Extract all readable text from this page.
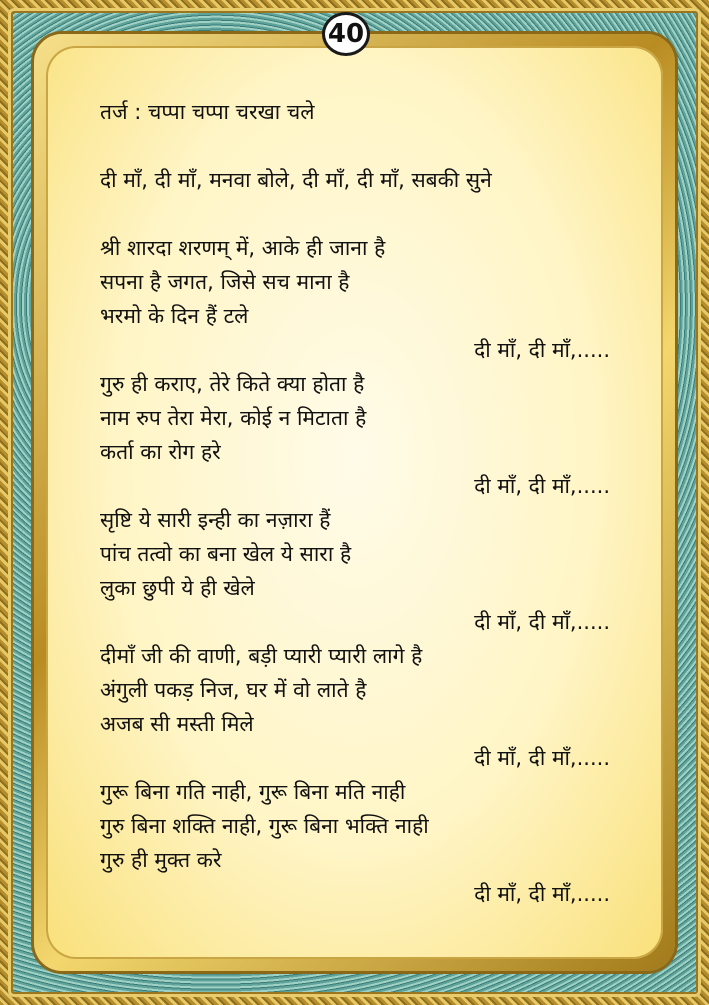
40
तर्ज : चप्पा चप्पा चरखा चले
दी माँ, दी माँ, मनवा बोले, दी माँ, दी माँ, सबकी सुने
श्री शारदा शरणम् में, आके ही जाना है
सपना है जगत, जिसे सच माना है
भरमो के दिन हैं टले
दी माँ, दी माँ,.....
गुरु ही कराए, तेरे किते क्या होता है
नाम रुप तेरा मेरा, कोई न मिटाता है
कर्ता का रोग हरे
दी माँ, दी माँ,.....
सृष्टि ये सारी इन्ही का नज़ारा हैं
पांच तत्वो का बना खेल ये सारा है
लुका छुपी ये ही खेले
दी माँ, दी माँ,.....
दीमाँ जी की वाणी, बड़ी प्यारी प्यारी लागे है
अंगुली पकड़ निज, घर में वो लाते है
अजब सी मस्ती मिले
दी माँ, दी माँ,.....
गुरू बिना गति नाही, गुरू बिना मति नाही
गुरु बिना शक्ति नाही, गुरू बिना भक्ति नाही
गुरु ही मुक्त करे
दी माँ, दी माँ,.....
